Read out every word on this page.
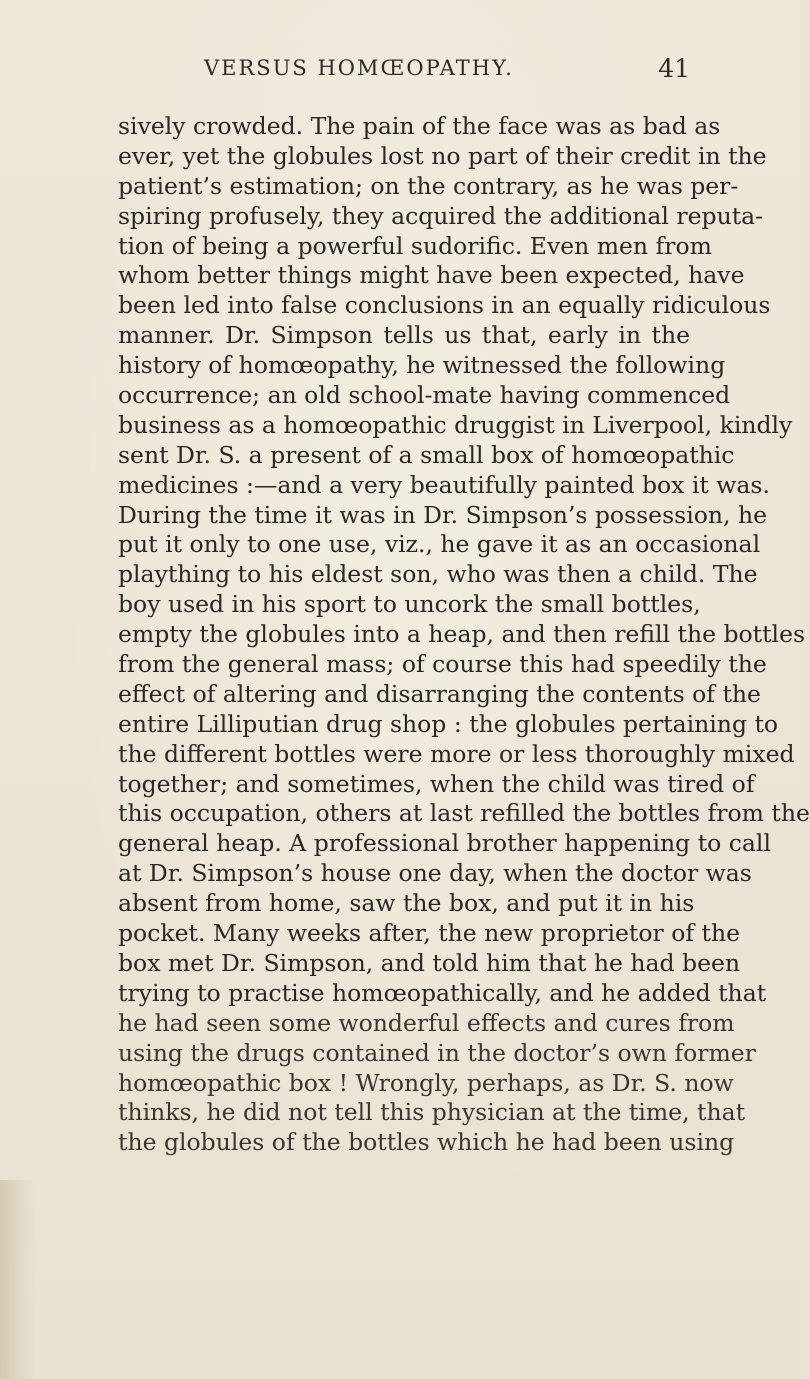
VERSUS HOMŒOPATHY.	41
sively crowded. The pain of the face was as bad as
ever, yet the globules lost no part of their credit in the
patient’s estimation; on the contrary, as he was per-
spiring profusely, they acquired the additional reputa-
tion of being a powerful sudorific. Even men from
whom better things might have been expected, have
been led into false conclusions in an equally ridiculous
manner. Dr. Simpson tells us that, early in the
history of homœopathy, he witnessed the following
occurrence; an old school-mate having commenced
business as a homœopathic druggist in Liverpool, kindly
sent Dr. S. a present of a small box of homœopathic
medicines :—and a very beautifully painted box it was.
During the time it was in Dr. Simpson’s possession, he
put it only to one use, viz., he gave it as an occasional
plaything to his eldest son, who was then a child. The
boy used in his sport to uncork the small bottles,
empty the globules into a heap, and then refill the bottles
from the general mass; of course this had speedily the
effect of altering and disarranging the contents of the
entire Lilliputian drug shop : the globules pertaining to
the different bottles were more or less thoroughly mixed
together; and sometimes, when the child was tired of
this occupation, others at last refilled the bottles from the
general heap. A professional brother happening to call
at Dr. Simpson’s house one day, when the doctor was
absent from home, saw the box, and put it in his
pocket. Many weeks after, the new proprietor of the
box met Dr. Simpson, and told him that he had been
trying to practise homœopathically, and he added that
he had seen some wonderful effects and cures from
using the drugs contained in the doctor’s own former
homœopathic box ! Wrongly, perhaps, as Dr. S. now
thinks, he did not tell this physician at the time, that
the globules of the bottles which he had been using
